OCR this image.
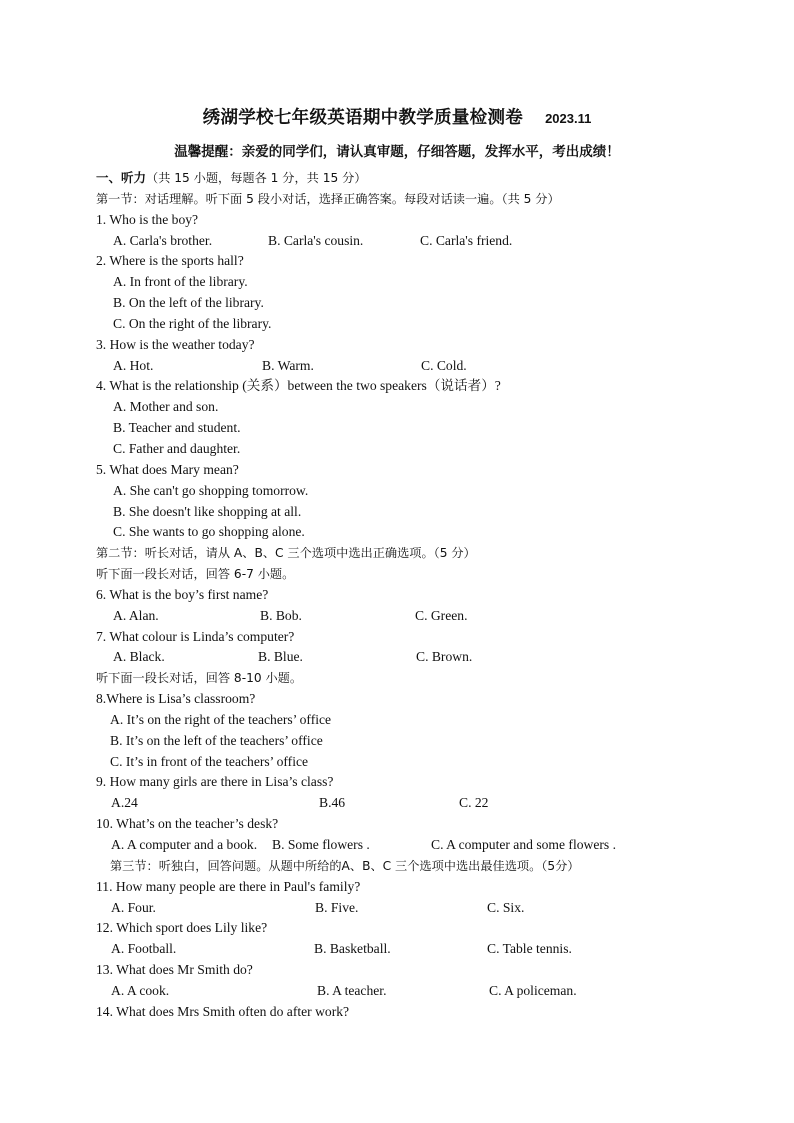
绣湖学校七年级英语期中教学质量检测卷 2023.11
温馨提醒：亲爱的同学们，请认真审题，仔细答题，发挥水平，考出成绩！
一、听力（共 15 小题，每题各 1 分，共 15 分）
第一节：对话理解。听下面 5 段小对话，选择正确答案。每段对话读一遍。（共 5 分）
1. Who is the boy?
A. Carla's brother.	B. Carla's cousin.	C. Carla's friend.
2. Where is the sports hall?
A. In front of the library.
B. On the left of the library.
C. On the right of the library.
3. How is the weather today?
A. Hot.	B. Warm.	C. Cold.
4. What is the relationship (关系）between the two speakers（说话者）?
A. Mother and son.
B. Teacher and student.
C. Father and daughter.
5. What does Mary mean?
A. She can't go shopping tomorrow.
B. She doesn't like shopping at all.
C. She wants to go shopping alone.
第二节：听长对话，请从 A、B、C 三个选项中选出正确选项。（5 分）
听下面一段长对话，回答 6-7 小题。
6. What is the boy’s first name?
A. Alan.	B. Bob.	C. Green.
7. What colour is Linda’s computer?
A. Black.	B. Blue.	C. Brown.
听下面一段长对话，回答 8-10 小题。
8.Where is Lisa’s classroom?
A. It’s on the right of the teachers’ office
B. It’s on the left of the teachers’ office
C. It’s in front of the teachers’ office
9. How many girls are there in Lisa’s class?
A.24	B.46	C. 22
10. What’s on the teacher’s desk?
A. A computer and a book. B. Some flowers .	C. A computer and some flowers .
第三节：听独白，回答问题。从题中所给的A、B、C 三个选项中选出最佳选项。（5分）
11. How many people are there in Paul's family?
A. Four.	B. Five.	C. Six.
12. Which sport does Lily like?
A. Football.	B. Basketball.	C. Table tennis.
13. What does Mr Smith do?
A. A cook.	B. A teacher.	C. A policeman.
14. What does Mrs Smith often do after work?
